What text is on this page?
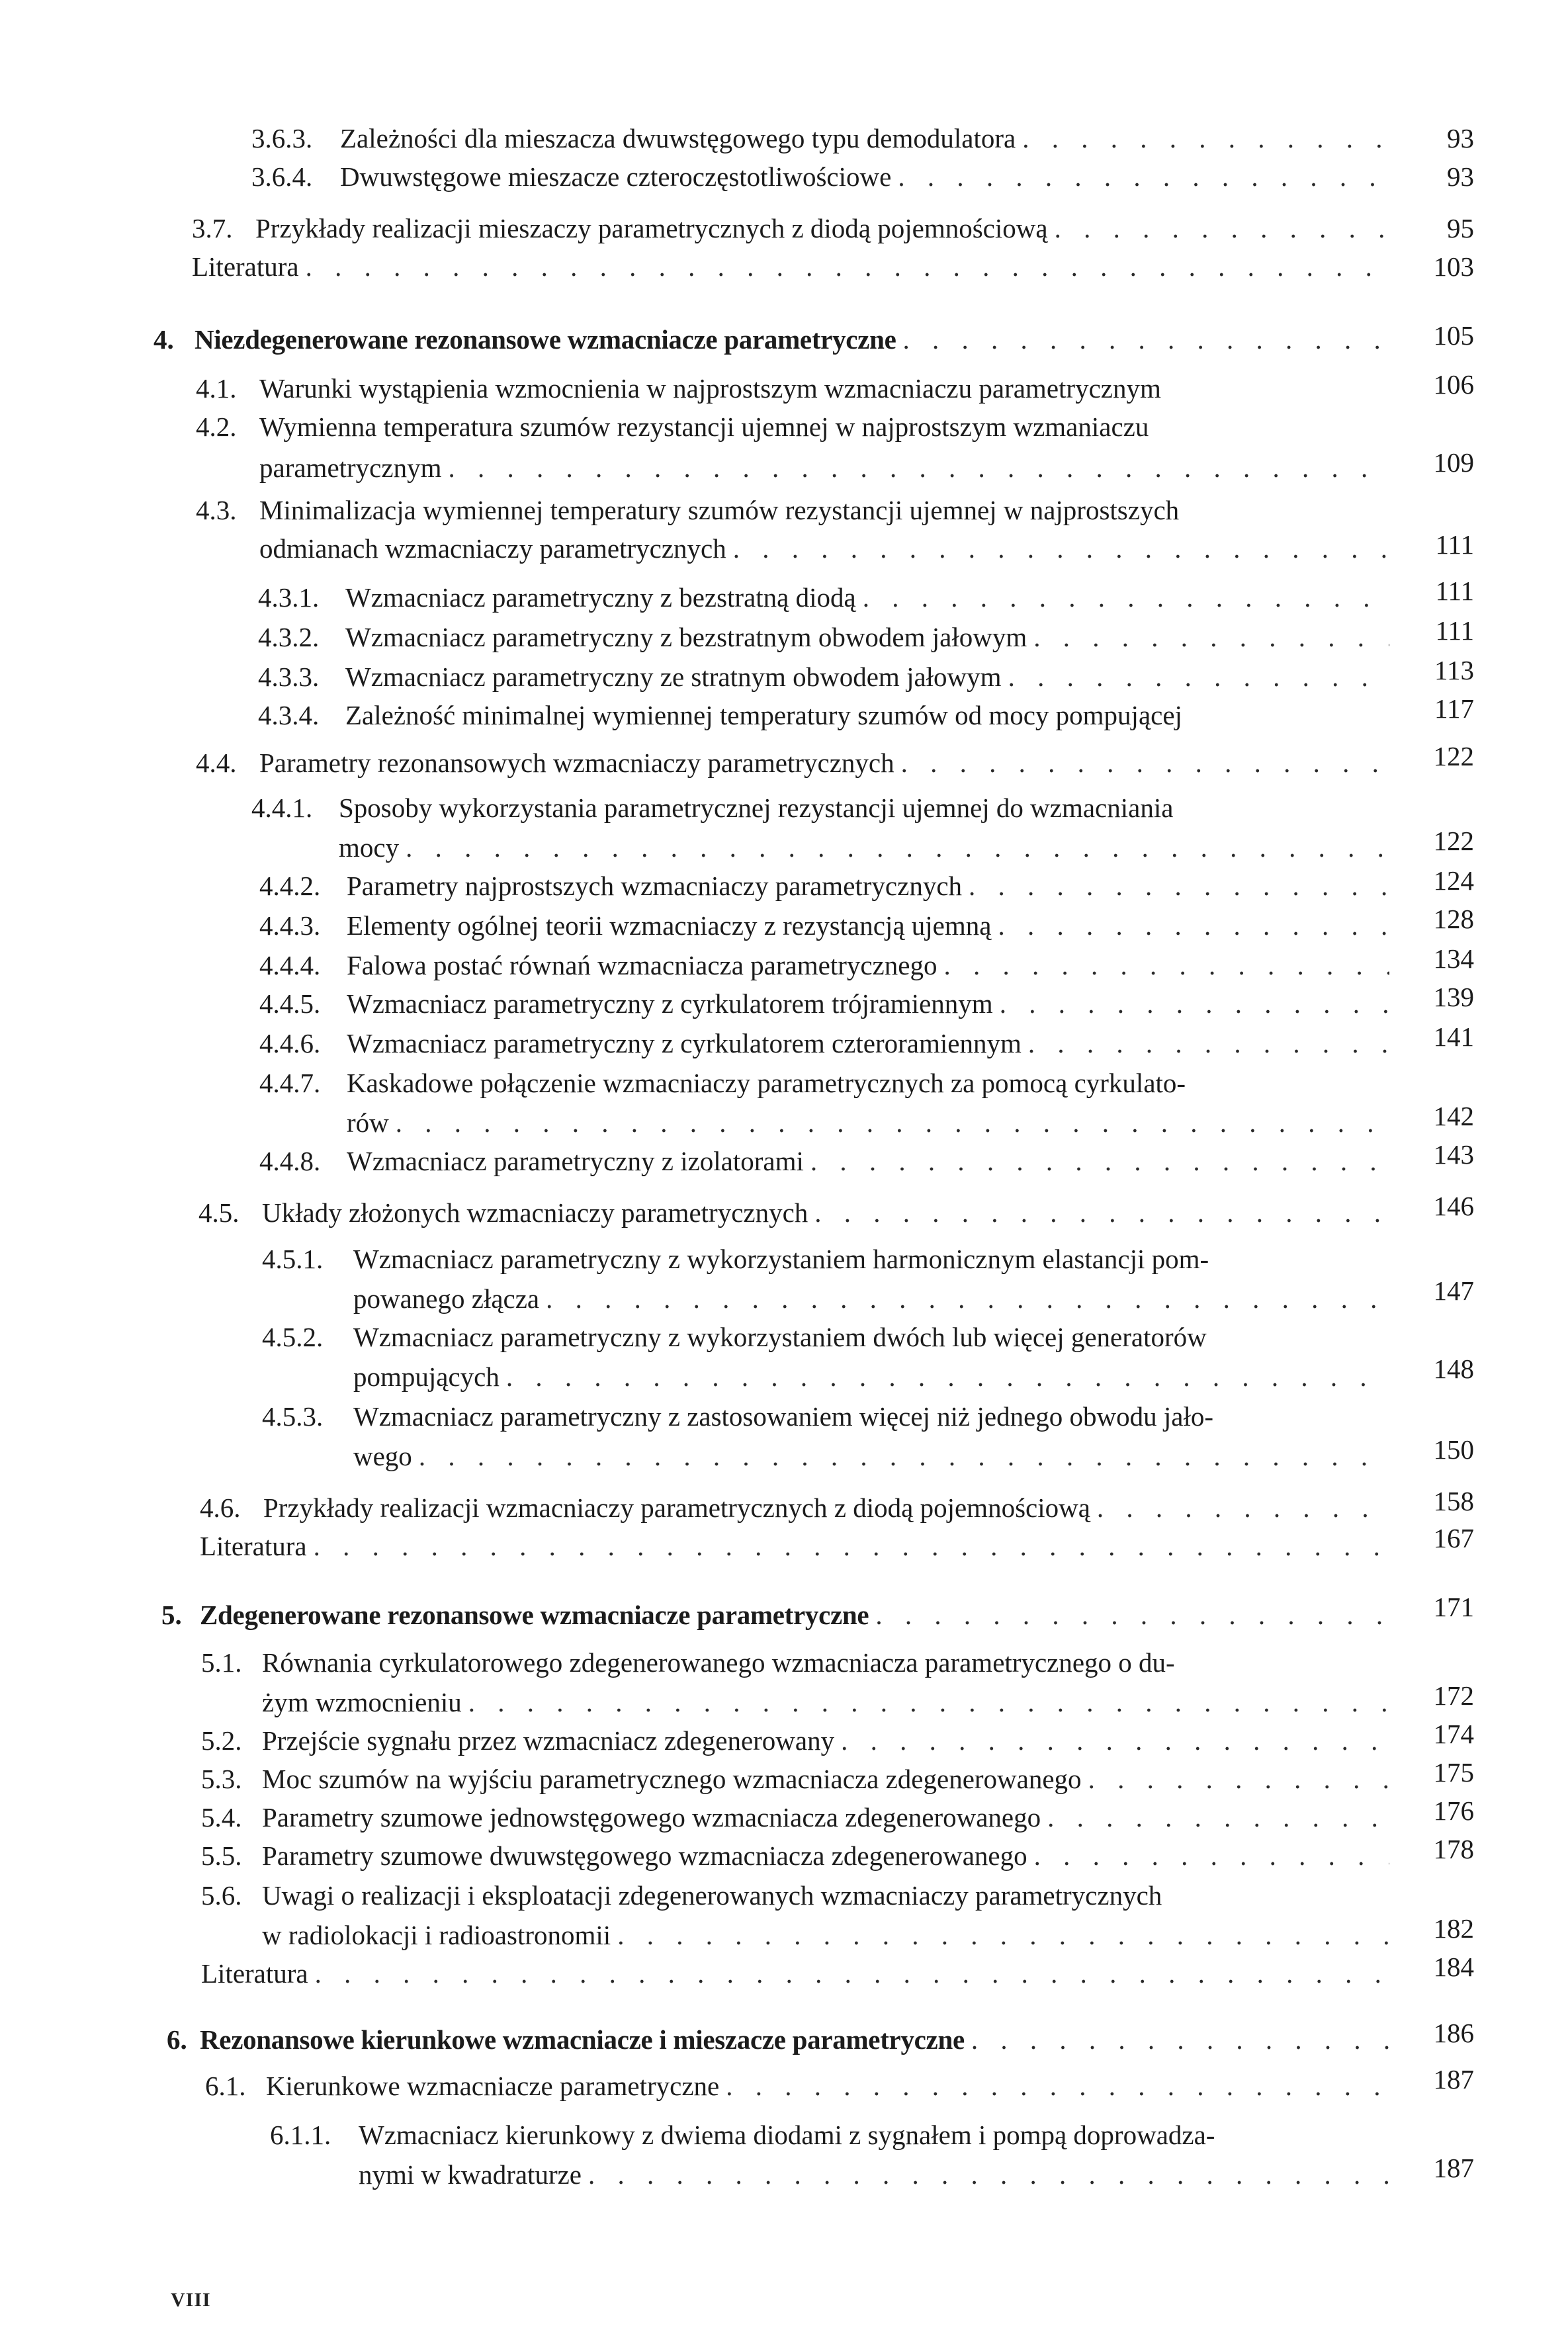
3.6.3.	Zależności dla mieszacza dwuwstęgowego typu demodulatora . . .	93
3.6.4.	Dwuwstęgowe mieszacze czteroczęstotliwościowe . . .	93
3.7. Przykłady realizacji mieszaczy parametrycznych z diodą pojemnościową . . .	95
Literatura . . .	103
4. Niezdegenerowane rezonansowe wzmacniacze parametryczne . . .	105
4.1. Warunki wystąpienia wzmocnienia w najprostszym wzmacniaczu parametrycznym	106
4.2. Wymienna temperatura szumów rezystancji ujemnej w najprostszym wzmaniaczu
parametrycznym . . .	109
4.3. Minimalizacja wymiennej temperatury szumów rezystancji ujemnej w najprostszych
odmianach wzmacniaczy parametrycznych . . .	111
4.3.1. Wzmacniacz parametryczny z bezstratną diodą . . .	111
4.3.2. Wzmacniacz parametryczny z bezstratnym obwodem jałowym . . .	111
4.3.3. Wzmacniacz parametryczny ze stratnym obwodem jałowym . . .	113
4.3.4. Zależność minimalnej wymiennej temperatury szumów od mocy pompującej	117
4.4. Parametry rezonansowych wzmacniaczy parametrycznych . . .	122
4.4.1. Sposoby wykorzystania parametrycznej rezystancji ujemnej do wzmacniania
mocy . . .	122
4.4.2. Parametry najprostszych wzmacniaczy parametrycznych . . .	124
4.4.3. Elementy ogólnej teorii wzmacniaczy z rezystancją ujemną . . .	128
4.4.4. Falowa postać równań wzmacniacza parametrycznego . . .	134
4.4.5. Wzmacniacz parametryczny z cyrkulatorem trójramiennym . . .	139
4.4.6. Wzmacniacz parametryczny z cyrkulatorem czteroramiennym . . .	141
4.4.7. Kaskadowe połączenie wzmacniaczy parametrycznych za pomocą cyrkulato-
rów . . .	142
4.4.8. Wzmacniacz parametryczny z izolatorami . . .	143
4.5. Układy złożonych wzmacniaczy parametrycznych . . .	146
4.5.1.	Wzmacniacz parametryczny z wykorzystaniem harmonicznym elastancji pom-
powanego złącza . . .	147
4.5.2.	Wzmacniacz parametryczny z wykorzystaniem dwóch lub więcej generatorów
pompujących . . .	148
4.5.3.	Wzmacniacz parametryczny z zastosowaniem więcej niż jednego obwodu jało-
wego . . .	150
4.6. Przykłady realizacji wzmacniaczy parametrycznych z diodą pojemnościową . . .	158
Literatura . . .	167
5. Zdegenerowane rezonansowe wzmacniacze parametryczne . . .	171
5.1. Równania cyrkulatorowego zdegenerowanego wzmacniacza parametrycznego o du-
żym wzmocnieniu . . .	172
5.2. Przejście sygnału przez wzmacniacz zdegenerowany . . .	174
5.3. Moc szumów na wyjściu parametrycznego wzmacniacza zdegenerowanego . . .	175
5.4. Parametry szumowe jednowstęgowego wzmacniacza zdegenerowanego . . .	176
5.5. Parametry szumowe dwuwstęgowego wzmacniacza zdegenerowanego . . .	178
5.6. Uwagi o realizacji i eksploatacji zdegenerowanych wzmacniaczy parametrycznych
w radiolokacji i radioastronomii . . .	182
Literatura . . .	184
6. Rezonansowe kierunkowe wzmacniacze i mieszacze parametryczne . . .	186
6.1. Kierunkowe wzmacniacze parametryczne . . .	187
6.1.1.	Wzmacniacz kierunkowy z dwiema diodami z sygnałem i pompą doprowadza-
nymi w kwadraturze . . .	187
VIII
